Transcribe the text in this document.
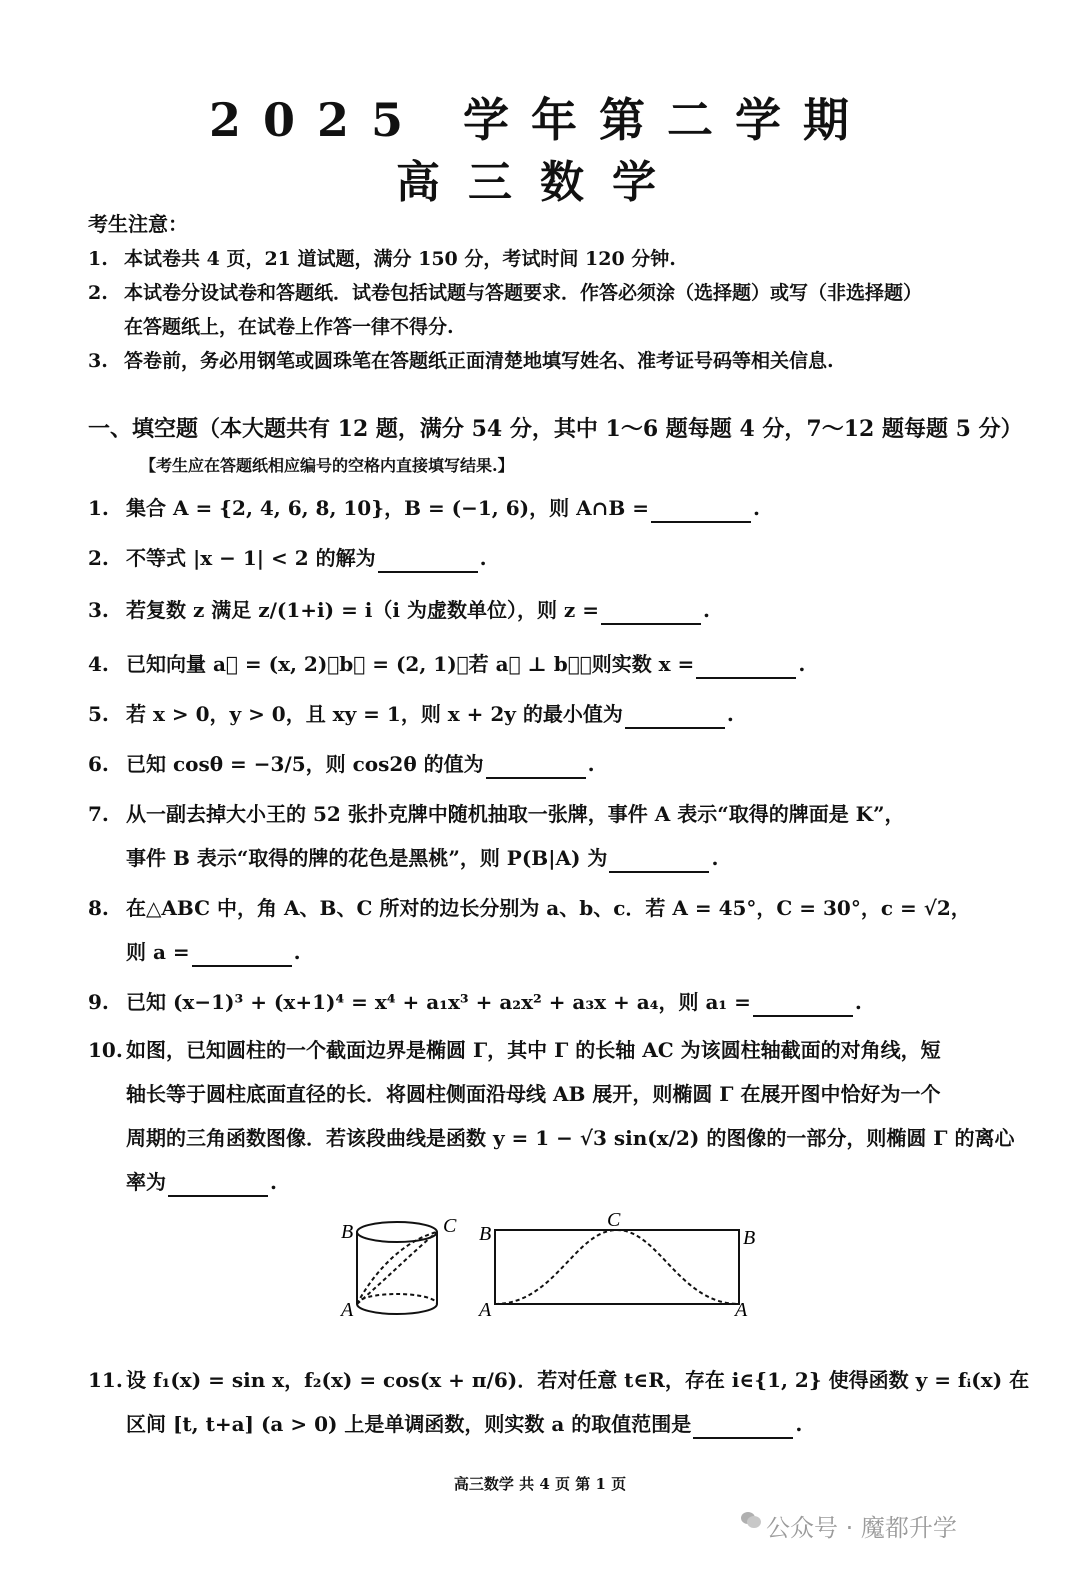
2025 学年第二学期
高三数学
考生注意：
1. 本试卷共 4 页，21 道试题，满分 150 分，考试时间 120 分钟.
2. 本试卷分设试卷和答题纸．试卷包括试题与答题要求．作答必须涂（选择题）或写（非选择题）
在答题纸上，在试卷上作答一律不得分.
3. 答卷前，务必用钢笔或圆珠笔在答题纸正面清楚地填写姓名、准考证号码等相关信息.
一、填空题（本大题共有 12 题，满分 54 分，其中 1～6 题每题 4 分，7～12 题每题 5 分）
【考生应在答题纸相应编号的空格内直接填写结果.】
1. 集合 A = {2, 4, 6, 8, 10}，B = (−1, 6)，则 A∩B =	.
2. 不等式 |x − 1| < 2 的解为	.
3. 若复数 z 满足 z/(1+i) = i（i 为虚数单位），则 z =	.
4. 已知向量 a⃗ = (x, 2)，b⃗ = (2, 1)，若 a⃗ ⊥ b⃗，则实数 x =	.
5. 若 x > 0，y > 0，且 xy = 1，则 x + 2y 的最小值为	.
6. 已知 cosθ = −3/5，则 cos2θ 的值为	.
7. 从一副去掉大小王的 52 张扑克牌中随机抽取一张牌，事件 A 表示“取得的牌面是 K”，
事件 B 表示“取得的牌的花色是黑桃”，则 P(B|A) 为	.
8. 在△ABC 中，角 A、B、C 所对的边长分别为 a、b、c．若 A = 45°，C = 30°，c = √2，
则 a =	.
9. 已知 (x−1)³ + (x+1)⁴ = x⁴ + a₁x³ + a₂x² + a₃x + a₄，则 a₁ =	.
10. 如图，已知圆柱的一个截面边界是椭圆 Γ，其中 Γ 的长轴 AC 为该圆柱轴截面的对角线，短
轴长等于圆柱底面直径的长．将圆柱侧面沿母线 AB 展开，则椭圆 Γ 在展开图中恰好为一个
周期的三角函数图像．若该段曲线是函数 y = 1 − √3 sin(x/2) 的图像的一部分，则椭圆 Γ 的离心
率为	.
B	C
A
B
C
B
A	A
11. 设 f₁(x) = sin x，f₂(x) = cos(x + π/6)．若对任意 t∈R，存在 i∈{1, 2} 使得函数 y = fᵢ(x) 在
区间 [t, t+a] (a > 0) 上是单调函数，则实数 a 的取值范围是	.
高三数学 共 4 页 第 1 页
公众号 · 魔都升学
